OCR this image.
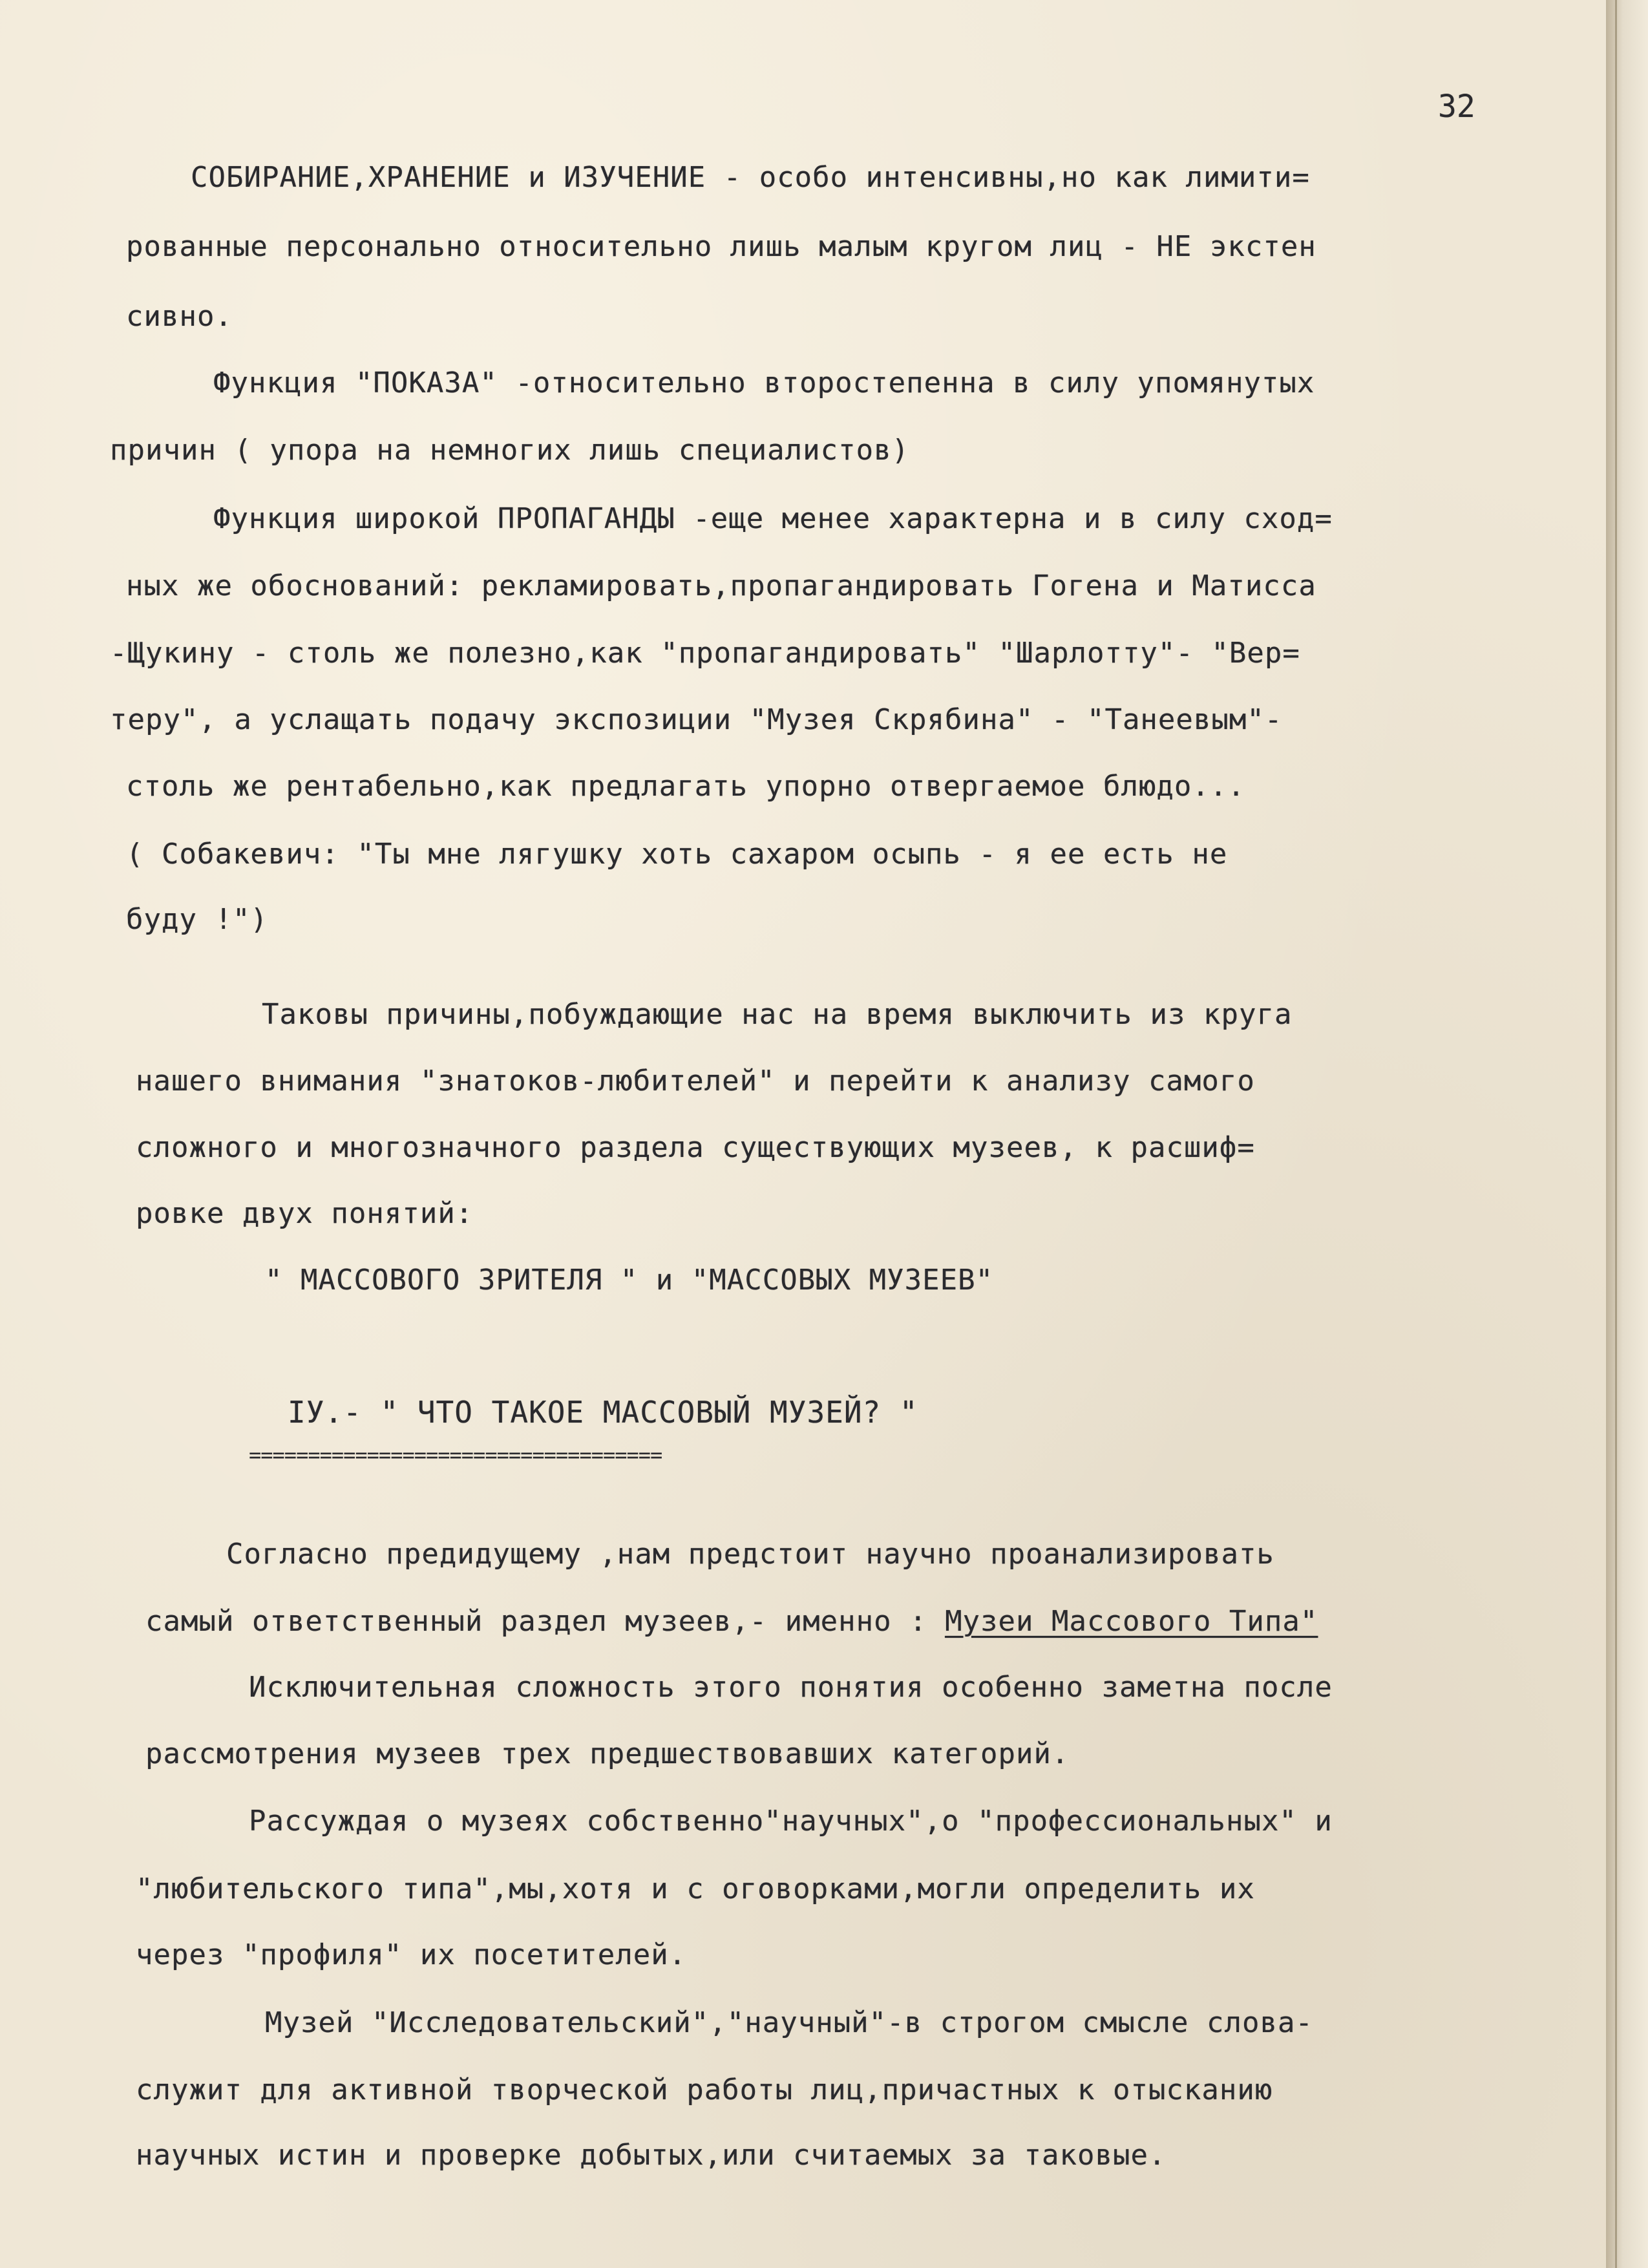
32

СОБИРАНИЕ,ХРАНЕНИЕ и ИЗУЧЕНИЕ - особо интенсивны,но как лимити=

рованные персонально относительно лишь малым кругом лиц - НЕ экстен

сивно.

Функция "ПОКАЗА" -относительно второстепенна в силу упомянутых

причин ( упора на немногих лишь специалистов)

Функция широкой ПРОПАГАНДЫ -еще менее характерна и в силу сход=

ных же обоснований: рекламировать,пропагандировать Гогена и Матисса

-Щукину - столь же полезно,как "пропагандировать" "Шарлотту"- "Вер=

теру", а услащать подачу экспозиции "Музея Скрябина" - "Танеевым"-

столь же рентабельно,как предлагать упорно отвергаемое блюдо...

( Собакевич: "Ты мне лягушку хоть сахаром осыпь - я ее есть не

буду !")

Таковы причины,побуждающие нас на время выключить из круга

нашего внимания "знатоков-любителей" и перейти к анализу самого

сложного и многозначного раздела существующих музеев, к расшиф=

ровке двух понятий:

" МАССОВОГО ЗРИТЕЛЯ " и "МАССОВЫХ МУЗЕЕВ"

IУ.- " ЧТО ТАКОЕ МАССОВЫЙ МУЗЕЙ? "

===================================

Согласно предидущему ,нам предстоит научно проанализировать

самый ответственный раздел музеев,- именно : Музеи Массового Типа"

Исключительная сложность этого понятия особенно заметна после

рассмотрения музеев трех предшествовавших категорий.

Рассуждая о музеях собственно"научных",о "профессиональных" и

"любительского типа",мы,хотя и с оговорками,могли определить их

через "профиля" их посетителей.

Музей "Исследовательский","научный"-в строгом смысле слова-

служит для активной творческой работы лиц,причастных к отысканию

научных истин и проверке добытых,или считаемых за таковые.
